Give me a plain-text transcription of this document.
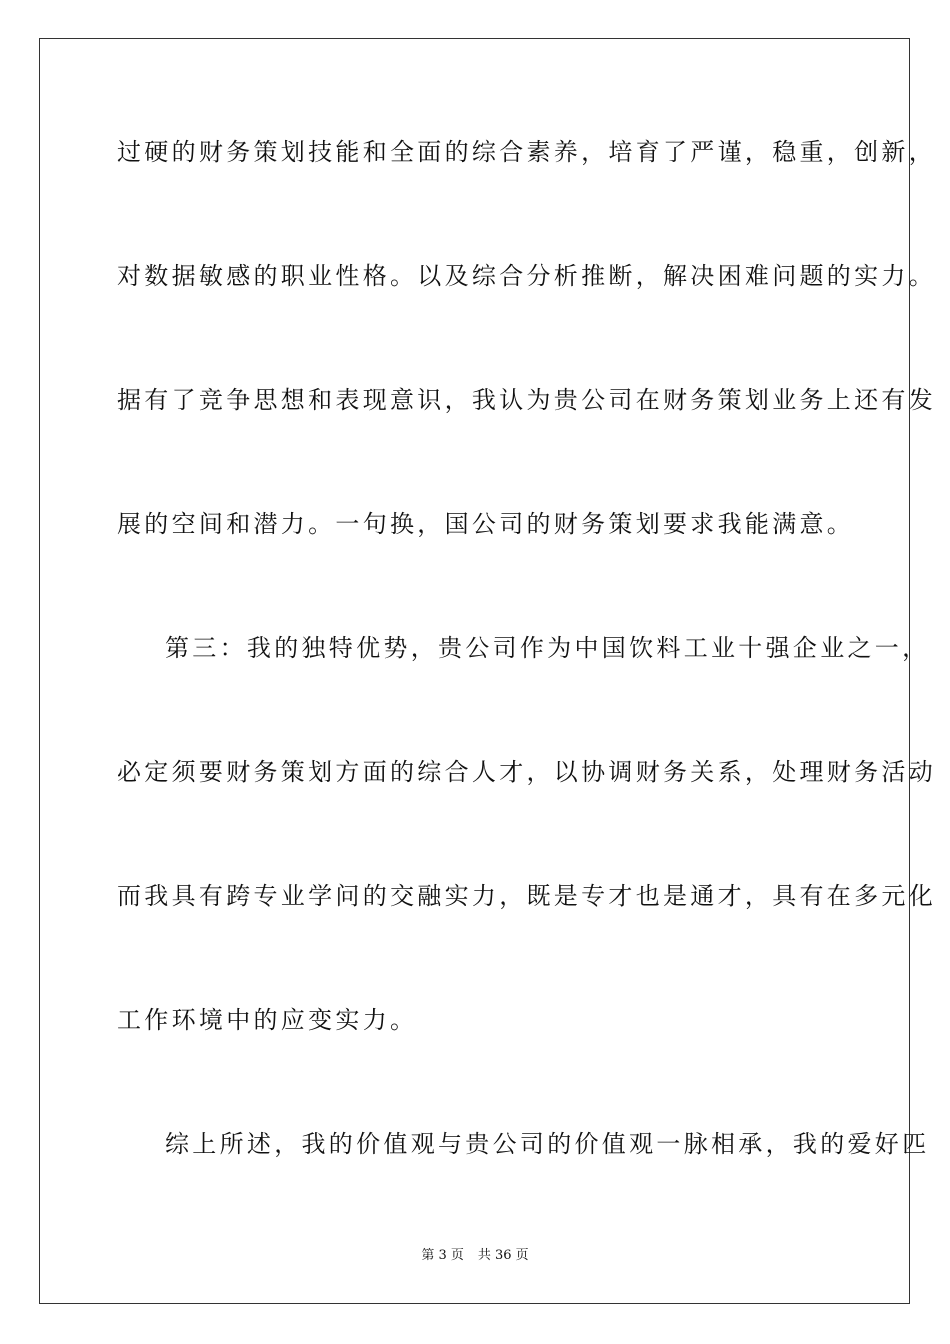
过硬的财务策划技能和全面的综合素养，培育了严谨，稳重，创新，
对数据敏感的职业性格。以及综合分析推断，解决困难问题的实力。
据有了竞争思想和表现意识，我认为贵公司在财务策划业务上还有发
展的空间和潜力。一句换，国公司的财务策划要求我能满意。
第三：我的独特优势，贵公司作为中国饮料工业十强企业之一，
必定须要财务策划方面的综合人才，以协调财务关系，处理财务活动
而我具有跨专业学问的交融实力，既是专才也是通才，具有在多元化
工作环境中的应变实力。
综上所述，我的价值观与贵公司的价值观一脉相承，我的爱好匹
第 3 页 共 36 页
